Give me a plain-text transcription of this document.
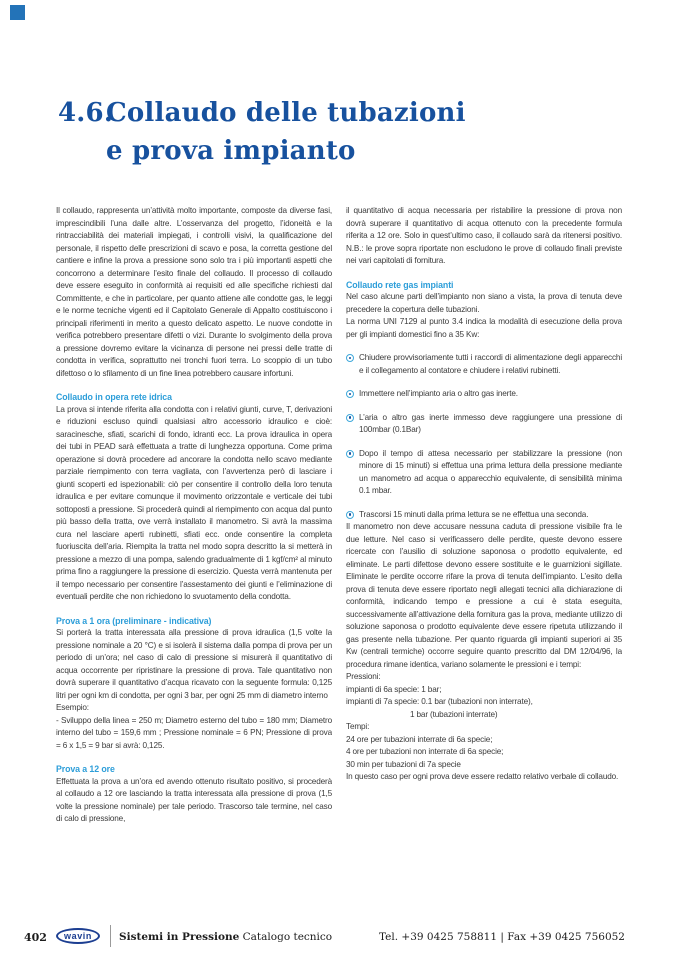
4.6.
Collaudo delle tubazioni
e prova impianto

Il collaudo, rappresenta un’attività molto importante, composte da diverse fasi, imprescindibili l’una dalle altre. L’osservanza del progetto, l’idoneità e la rintracciabilità dei materiali impiegati, i controlli visivi, la qualificazione del personale, il rispetto delle prescrizioni di scavo e posa, la corretta gestione del cantiere e infine la prova a pressione sono solo tra i più importanti aspetti che concorrono a determinare l’esito finale del collaudo. Il processo di collaudo deve essere eseguito in conformità ai requisiti ed alle specifiche richiesti dal Committente, e che in particolare, per quanto attiene alle condotte gas, le leggi e le norme tecniche vigenti ed il Capitolato Generale di Appalto costituiscono i principali riferimenti in merito a questo delicato aspetto. Le nuove condotte in verifica potrebbero presentare difetti o vizi. Durante lo svolgimento della prova a pressione dovremo evitare la vicinanza di persone nei pressi delle tratte di condotta in verifica, soprattutto nei tronchi fuori terra. Lo scoppio di un tubo difettoso o lo sfilamento di un fine linea potrebbero causare infortuni.

Collaudo in opera rete idrica

La prova si intende riferita alla condotta con i relativi giunti, curve, T, derivazioni e riduzioni escluso quindi qualsiasi altro accessorio idraulico e cioè: saracinesche, sfiati, scarichi di fondo, idranti ecc. La prova idraulica in opera dei tubi in PEAD sarà effettuata a tratte di lunghezza opportuna. Come prima operazione si dovrà procedere ad ancorare la condotta nello scavo mediante parziale riempimento con terra vagliata, con l’avvertenza però di lasciare i giunti scoperti ed ispezionabili: ciò per consentire il controllo della loro tenuta idraulica e per evitare comunque il movimento orizzontale e verticale dei tubi sottoposti a pressione. Si procederà quindi al riempimento con acqua dal punto più basso della tratta, ove verrà installato il manometro. Si avrà la massima cura nel lasciare aperti rubinetti, sfiati ecc. onde consentire la completa fuoriuscita dell’aria. Riempita la tratta nel modo sopra descritto la si metterà in pressione a mezzo di una pompa, salendo gradualmente di 1 kgf/cm² al minuto prima fino a raggiungere la pressione di esercizio. Questa verrà mantenuta per il tempo necessario per consentire l’assestamento dei giunti e l’eliminazione di eventuali perdite che non richiedono lo svuotamento della condotta.

Prova a 1 ora (preliminare - indicativa)

Si porterà la tratta interessata alla pressione di prova idraulica (1,5 volte la pressione nominale a 20 °C) e si isolerà il sistema dalla pompa di prova per un periodo di un’ora; nel caso di calo di pressione si misurerà il quantitativo di acqua occorrente per ripristinare la pressione di prova. Tale quantitativo non dovrà superare il quantitativo d’acqua ricavato con la seguente formula: 0,125 litri per ogni km di condotta, per ogni 3 bar, per ogni 25 mm di diametro interno

Esempio:

- Sviluppo della linea = 250 m; Diametro esterno del tubo = 180 mm; Diametro interno del tubo = 159,6 mm ; Pressione nominale = 6 PN; Pressione di prova = 6 x 1,5 = 9 bar si avrà: 0,125.

Prova a 12 ore

Effettuata la prova a un’ora ed avendo ottenuto risultato positivo, si procederà al collaudo a 12 ore lasciando la tratta interessata alla pressione di prova (1,5 volte la pressione nominale) per tale periodo. Trascorso tale termine, nel caso di calo di pressione,

il quantitativo di acqua necessaria per ristabilire la pressione di prova non dovrà superare il quantitativo di acqua ottenuto con la precedente formula riferita a 12 ore. Solo in quest’ultimo caso, il collaudo sarà da ritenersi positivo. N.B.: le prove sopra riportate non escludono le prove di collaudo finali previste nei vari capitolati di fornitura.

Collaudo rete gas impianti

Nel caso alcune parti dell’impianto non siano a vista, la prova di tenuta deve precedere la copertura delle tubazioni.

La norma UNI 7129 al punto 3.4 indica la modalità di esecuzione della prova per gli impianti domestici fino a 35 Kw:

Chiudere provvisoriamente tutti i raccordi di alimentazione degli apparecchi e il collegamento al contatore e chiudere i relativi rubinetti.
Immettere nell’impianto aria o altro gas inerte.
L’aria o altro gas inerte immesso deve raggiungere una pressione di 100mbar (0.1Bar)
Dopo il tempo di attesa necessario per stabilizzare la pressione (non minore di 15 minuti) si effettua una prima lettura della pressione mediante un manometro ad acqua o apparecchio equivalente, di sensibilità minima 0.1 mbar.
Trascorsi 15 minuti dalla prima lettura se ne effettua una seconda.

Il manometro non deve accusare nessuna caduta di pressione visibile fra le due letture. Nel caso si verificassero delle perdite, queste devono essere ricercate con l’ausilio di soluzione saponosa o prodotto equivalente, ed eliminate. Le parti difettose devono essere sostituite e le guarnizioni sigillate. Eliminate le perdite occorre rifare la prova di tenuta dell’impianto. L’esito della prova di tenuta deve essere riportato negli allegati tecnici alla dichiarazione di conformità, indicando tempo e pressione a cui è stata eseguita, successivamente all’attivazione della fornitura gas la prova, mediante utilizzo di soluzione saponosa o prodotto equivalente deve essere ripetuta utilizzando il gas presente nella tubazione. Per quanto riguarda gli impianti superiori ai 35 Kw (centrali termiche) occorre seguire quanto prescritto dal DM 12/04/96, la procedura rimane identica, variano solamente le pressioni e i tempi:

Pressioni:

impianti di 6a specie: 1 bar;
impianti di 7a specie: 0.1 bar (tubazioni non interrate),
1 bar (tubazioni interrate)

Tempi:

24 ore per tubazioni interrate di 6a specie;
4 ore per tubazioni non interrate di 6a specie;
30 min per tubazioni di 7a specie

In questo caso per ogni prova deve essere redatto relativo verbale di collaudo.

402 wavin	Sistemi in Pressione Catalogo tecnico	Tel. +39 0425 758811 | Fax +39 0425 756052
